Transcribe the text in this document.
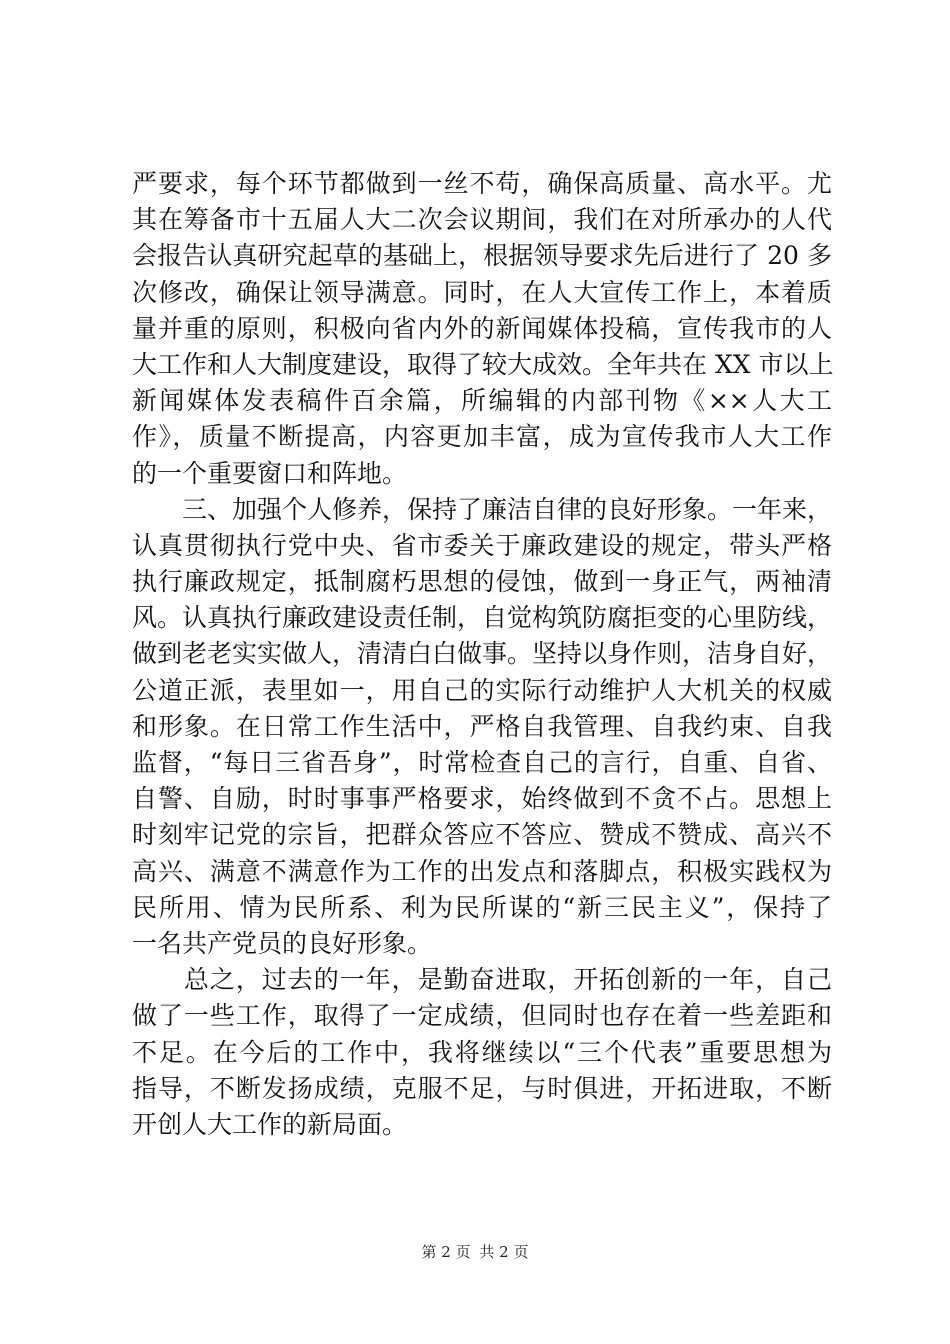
严要求，每个环节都做到一丝不苟，确保高质量、高水平。尤
其在筹备市十五届人大二次会议期间，我们在对所承办的人代
会报告认真研究起草的基础上，根据领导要求先后进行了 20 多
次修改，确保让领导满意。同时，在人大宣传工作上，本着质
量并重的原则，积极向省内外的新闻媒体投稿，宣传我市的人
大工作和人大制度建设，取得了较大成效。全年共在 XX 市以上
新闻媒体发表稿件百余篇，所编辑的内部刊物《××人大工
作》，质量不断提高，内容更加丰富，成为宣传我市人大工作
的一个重要窗口和阵地。
　　三、加强个人修养，保持了廉洁自律的良好形象。一年来，
认真贯彻执行党中央、省市委关于廉政建设的规定，带头严格
执行廉政规定，抵制腐朽思想的侵蚀，做到一身正气，两袖清
风。认真执行廉政建设责任制，自觉构筑防腐拒变的心里防线，
做到老老实实做人，清清白白做事。坚持以身作则，洁身自好，
公道正派，表里如一，用自己的实际行动维护人大机关的权威
和形象。在日常工作生活中，严格自我管理、自我约束、自我
监督，“每日三省吾身”，时常检查自己的言行，自重、自省、
自警、自励，时时事事严格要求，始终做到不贪不占。思想上
时刻牢记党的宗旨，把群众答应不答应、赞成不赞成、高兴不
高兴、满意不满意作为工作的出发点和落脚点，积极实践权为
民所用、情为民所系、利为民所谋的“新三民主义”，保持了
一名共产党员的良好形象。
　　总之，过去的一年，是勤奋进取，开拓创新的一年，自己
做了一些工作，取得了一定成绩，但同时也存在着一些差距和
不足。在今后的工作中，我将继续以“三个代表”重要思想为
指导，不断发扬成绩，克服不足，与时俱进，开拓进取，不断
开创人大工作的新局面。
第 2 页 共 2 页
